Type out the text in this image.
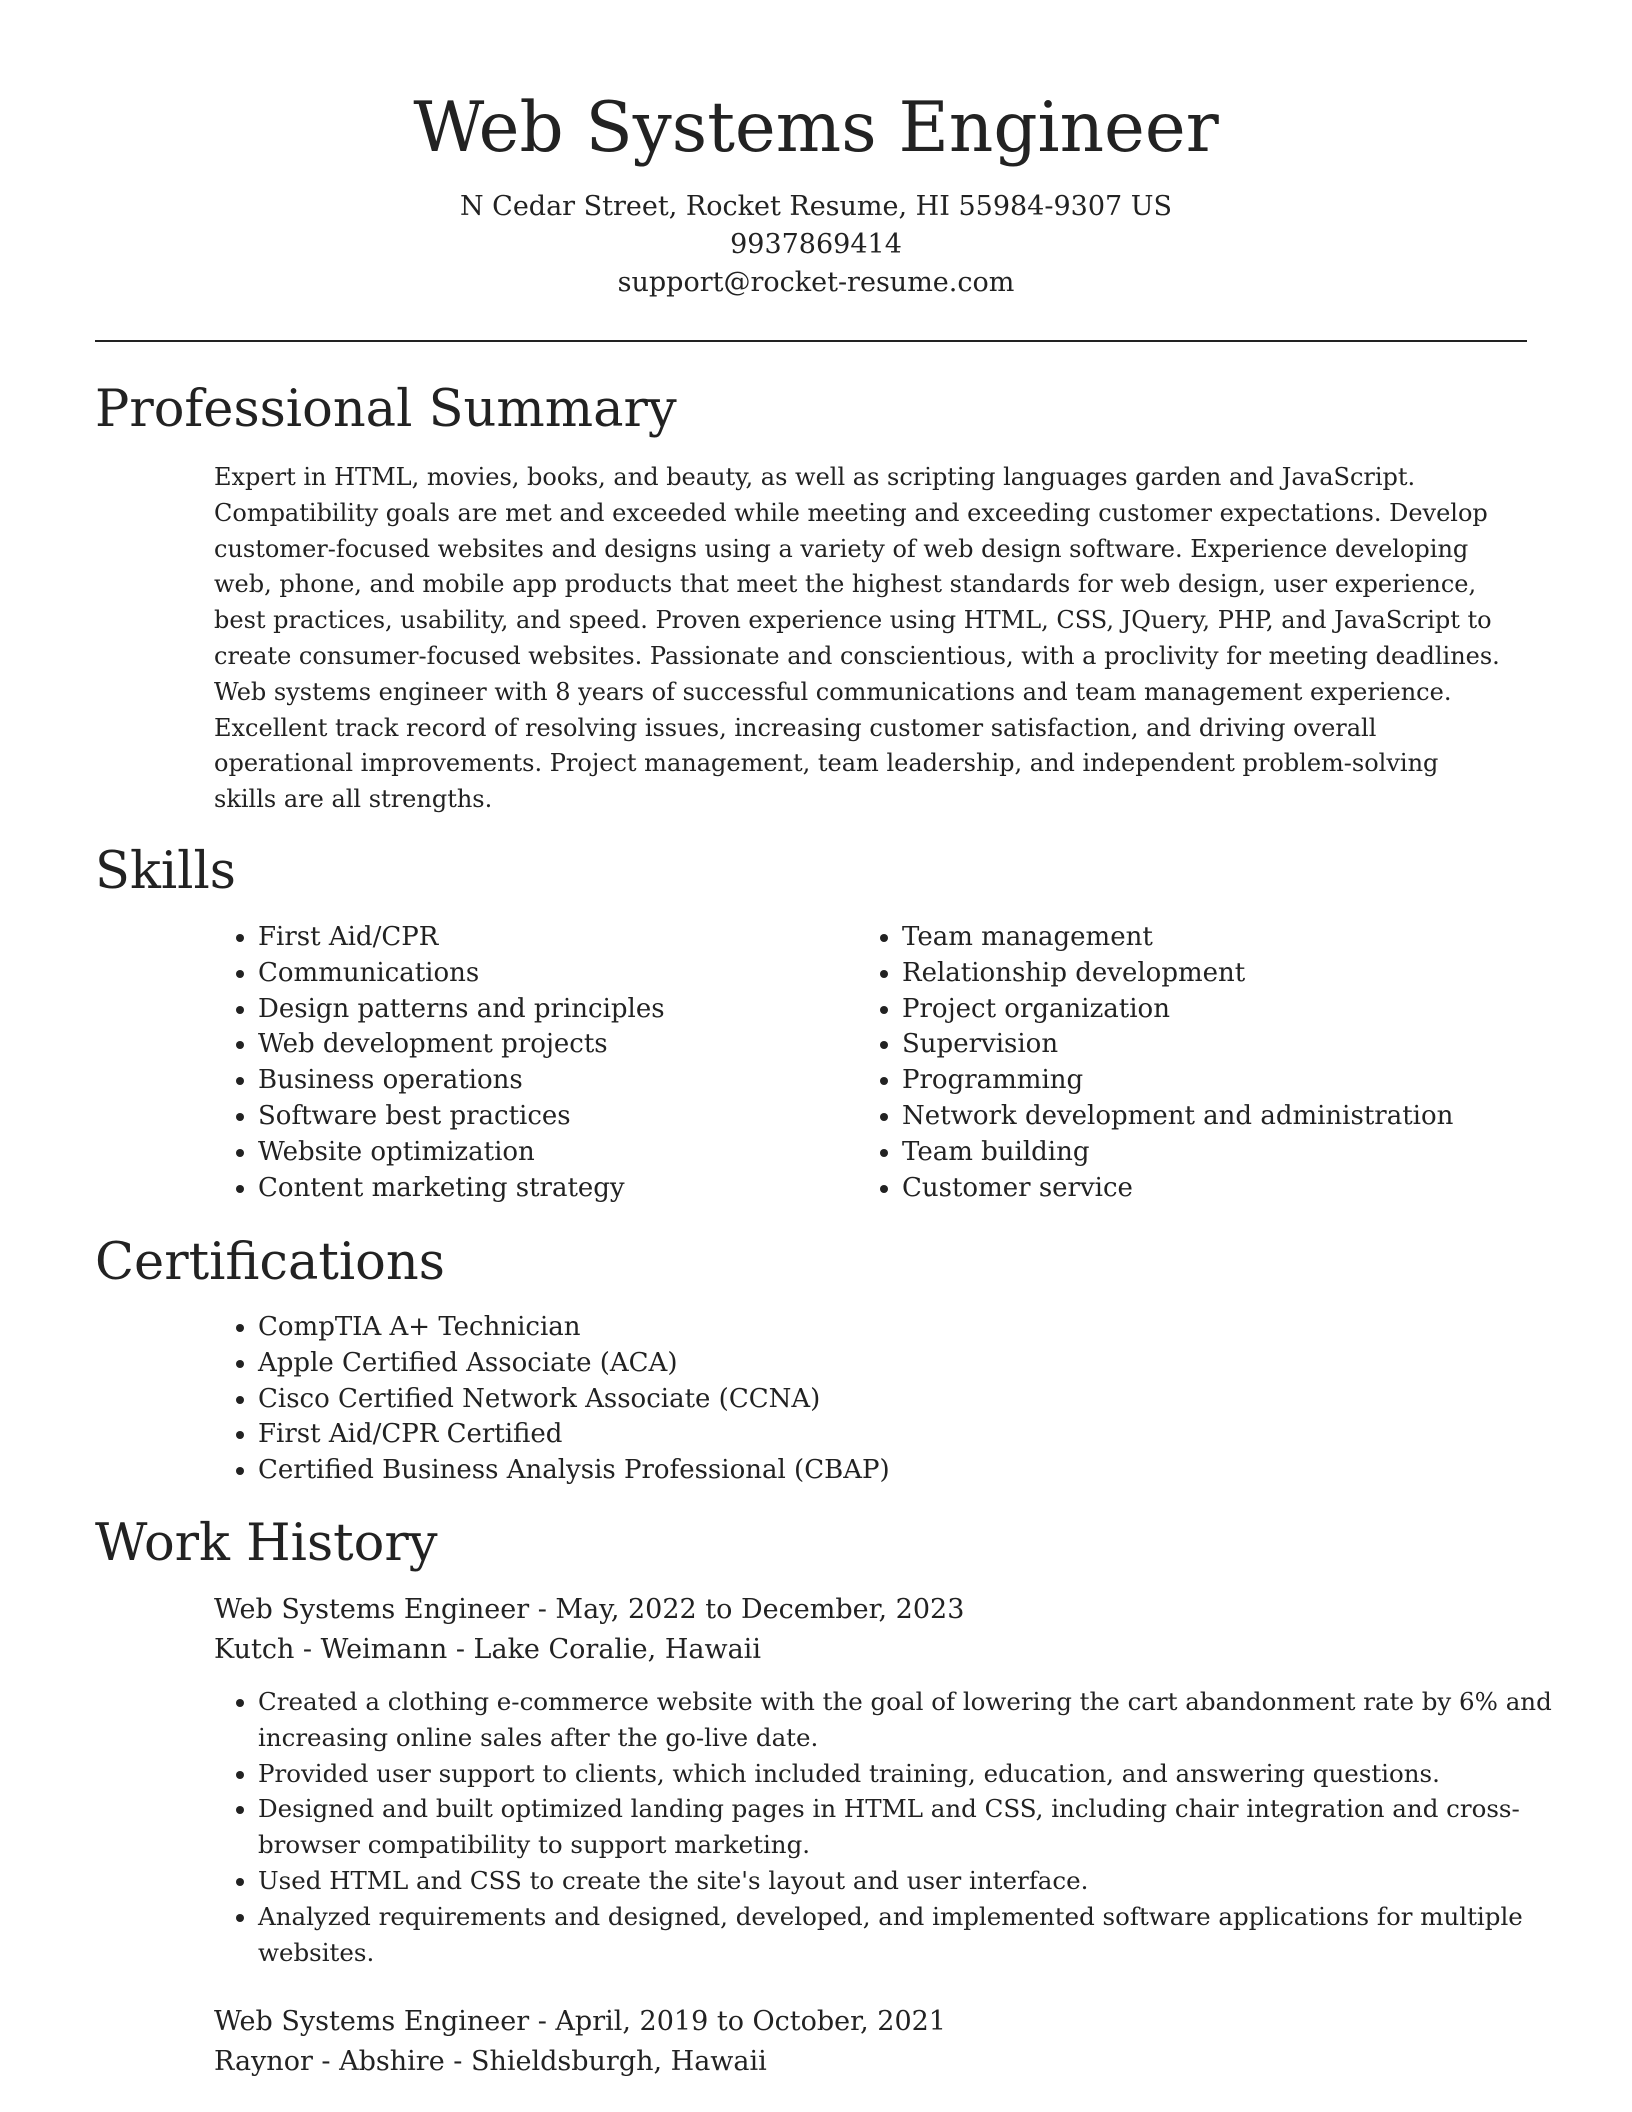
Web Systems Engineer
N Cedar Street, Rocket Resume, HI 55984-9307 US
9937869414
support@rocket-resume.com
Professional Summary

Expert in HTML, movies, books, and beauty, as well as scripting languages garden and JavaScript. Compatibility goals are met and exceeded while meeting and exceeding customer expectations. Develop customer-focused websites and designs using a variety of web design software. Experience developing web, phone, and mobile app products that meet the highest standards for web design, user experience, best practices, usability, and speed. Proven experience using HTML, CSS, JQuery, PHP, and JavaScript to create consumer-focused websites. Passionate and conscientious, with a proclivity for meeting deadlines. Web systems engineer with 8 years of successful communications and team management experience. Excellent track record of resolving issues, increasing customer satisfaction, and driving overall operational improvements. Project management, team leadership, and independent problem-solving skills are all strengths.

Skills
• First Aid/CPR
• Communications
• Design patterns and principles
• Web development projects
• Business operations
• Software best practices
• Website optimization
• Content marketing strategy
• Team management
• Relationship development
• Project organization
• Supervision
• Programming
• Network development and administration
• Team building
• Customer service
Certifications
• CompTIA A+ Technician
• Apple Certified Associate (ACA)
• Cisco Certified Network Associate (CCNA)
• First Aid/CPR Certified
• Certified Business Analysis Professional (CBAP)
Work History
Web Systems Engineer - May, 2022 to December, 2023
Kutch - Weimann - Lake Coralie, Hawaii
• Created a clothing e-commerce website with the goal of lowering the cart abandonment rate by 6% and increasing online sales after the go-live date.
• Provided user support to clients, which included training, education, and answering questions.
• Designed and built optimized landing pages in HTML and CSS, including chair integration and cross-browser compatibility to support marketing.
• Used HTML and CSS to create the site's layout and user interface.
• Analyzed requirements and designed, developed, and implemented software applications for multiple websites.
Web Systems Engineer - April, 2019 to October, 2021
Raynor - Abshire - Shieldsburgh, Hawaii
